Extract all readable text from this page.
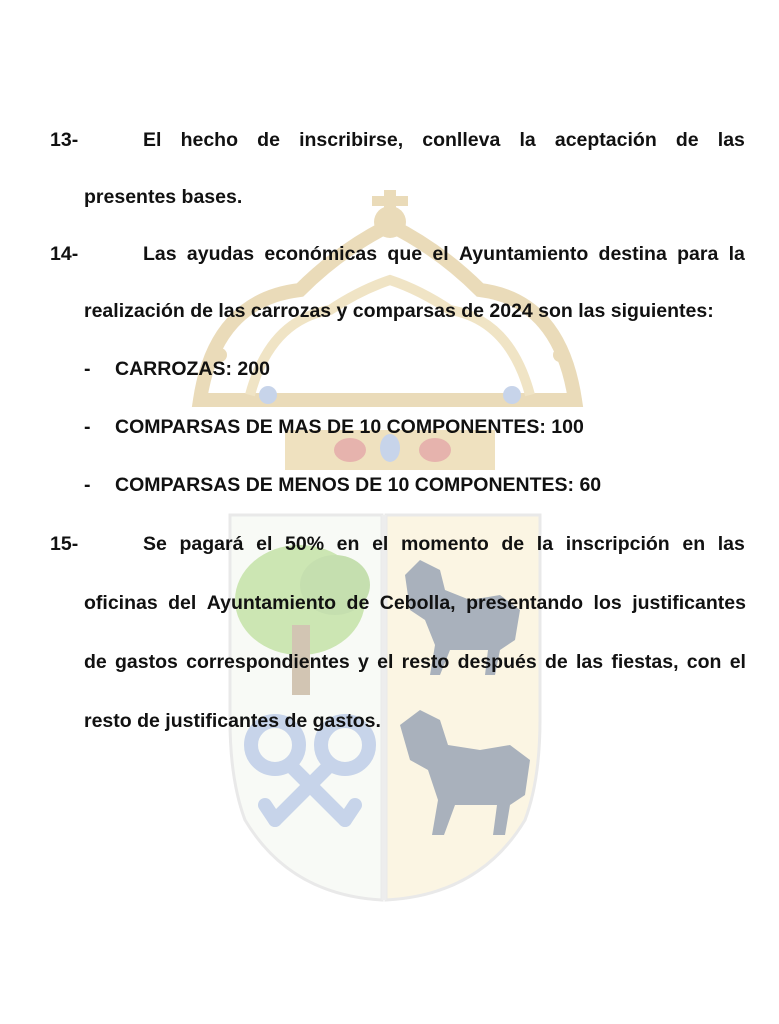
13-	El hecho de inscribirse, conlleva la aceptación de las
presentes bases.
14-	Las ayudas económicas que el Ayuntamiento destina para la
realización de las carrozas y comparsas de 2024 son las siguientes:
- CARROZAS: 200
- COMPARSAS DE MAS DE 10 COMPONENTES: 100
- COMPARSAS DE MENOS DE 10 COMPONENTES: 60
15-	Se pagará el 50% en el momento de la inscripción en las
oficinas del Ayuntamiento de Cebolla, presentando los justificantes
de gastos correspondientes y el resto después de las fiestas, con el
resto de justificantes de gastos.
